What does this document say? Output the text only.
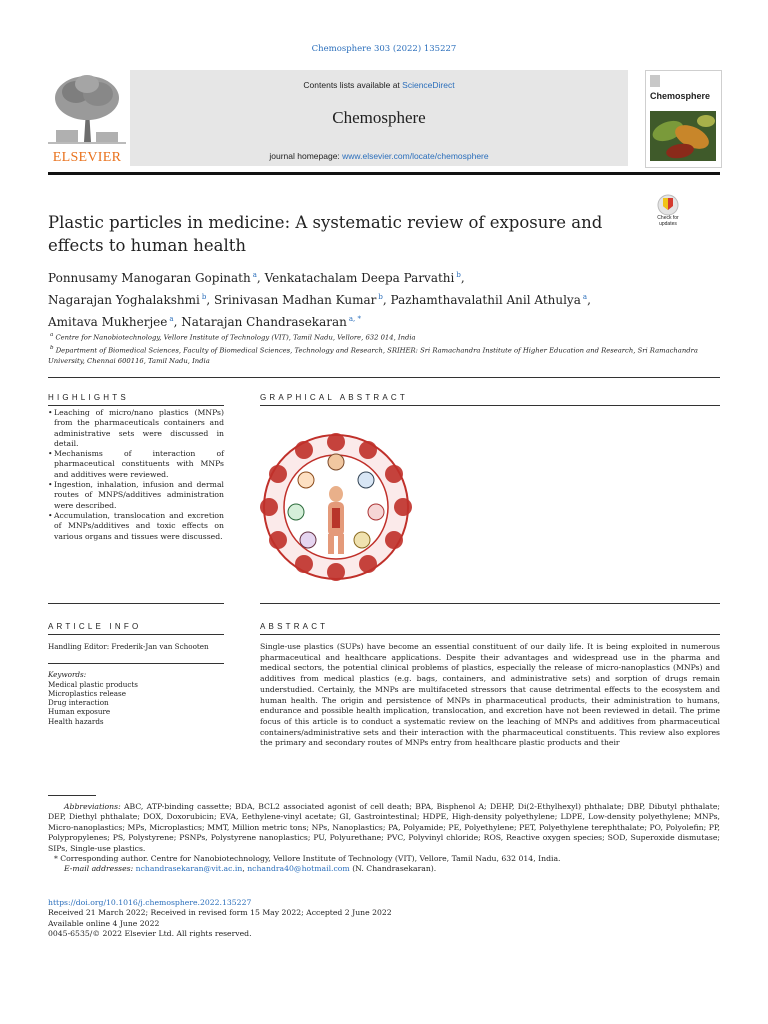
Chemosphere 303 (2022) 135227
ELSEVIER
Contents lists available at ScienceDirect
Chemosphere
journal homepage: www.elsevier.com/locate/chemosphere
Chemosphere
Plastic particles in medicine: A systematic review of exposure and effects to human health
Check for updates
Ponnusamy Manogaran Gopinath $^a$, Venkatachalam Deepa Parvathi $^b$,
Nagarajan Yoghalakshmi $^b$, Srinivasan Madhan Kumar $^b$, Pazhamthavalathil Anil Athulya $^a$,
Amitava Mukherjee $^a$, Natarajan Chandrasekaran $^{a, *}$
$^a$ Centre for Nanobiotechnology, Vellore Institute of Technology (VIT), Tamil Nadu, Vellore, 632 014, India
$^b$ Department of Biomedical Sciences, Faculty of Biomedical Sciences, Technology and Research, SRIHER: Sri Ramachandra Institute of Higher Education and Research, Sri Ramachandra University, Chennai 600116, Tamil Nadu, India
HIGHLIGHTS	GRAPHICAL ABSTRACT
• Leaching of micro/nano plastics (MNPs) from the pharmaceuticals containers and administrative sets were discussed in detail.
• Mechanisms of interaction of pharmaceutical constituents with MNPs and additives were reviewed.
• Ingestion, inhalation, infusion and dermal routes of MNPS/additives administration were described.
• Accumulation, translocation and excretion of MNPs/additives and toxic effects on various organs and tissues were discussed.
ARTICLE INFO	ABSTRACT
Handling Editor: Frederik-Jan van Schooten
Keywords:
Medical plastic products
Microplastics release
Drug interaction
Human exposure
Health hazards
Single-use plastics (SUPs) have become an essential constituent of our daily life. It is being exploited in numerous pharmaceutical and healthcare applications. Despite their advantages and widespread use in the pharma and medical sectors, the potential clinical problems of plastics, especially the release of micro-nanoplastics (MNPs) and additives from medical plastics (e.g. bags, containers, and administrative sets) and sorption of drugs remain understudied. Certainly, the MNPs are multifaceted stressors that cause detrimental effects to the ecosystem and human health. The origin and persistence of MNPs in pharmaceutical products, their administration to humans, endurance and possible health implication, translocation, and excretion have not been reviewed in detail. The prime focus of this article is to conduct a systematic review on the leaching of MNPs and additives from pharmaceutical containers/administrative sets and their interaction with the pharmaceutical constituents. This review also explores the primary and secondary routes of MNPs entry from healthcare plastic products and their
Abbreviations: ABC, ATP-binding cassette; BDA, BCL2 associated agonist of cell death; BPA, Bisphenol A; DEHP, Di(2-Ethylhexyl) phthalate; DBP, Dibutyl phthalate; DEP, Diethyl phthalate; DOX, Doxorubicin; EVA, Eethylene-vinyl acetate; GI, Gastrointestinal; HDPE, High-density polyethylene; LDPE, Low-density polyethylene; MNPs, Micro-nanoplastics; MPs, Microplastics; MMT, Million metric tons; NPs, Nanoplastics; PA, Polyamide; PE, Polyethylene; PET, Polyethylene terephthalate; PO, Polyolefin; PP, Polypropylenes; PS, Polystyrene; PSNPs, Polystyrene nanoplastics; PU, Polyurethane; PVC, Polyvinyl chloride; ROS, Reactive oxygen species; SOD, Superoxide dismutase; SIPs, Single-use plastics.
* Corresponding author. Centre for Nanobiotechnology, Vellore Institute of Technology (VIT), Vellore, Tamil Nadu, 632 014, India.
E-mail addresses: nchandrasekaran@vit.ac.in, nchandra40@hotmail.com (N. Chandrasekaran).
https://doi.org/10.1016/j.chemosphere.2022.135227
Received 21 March 2022; Received in revised form 15 May 2022; Accepted 2 June 2022
Available online 4 June 2022
0045-6535/© 2022 Elsevier Ltd. All rights reserved.
